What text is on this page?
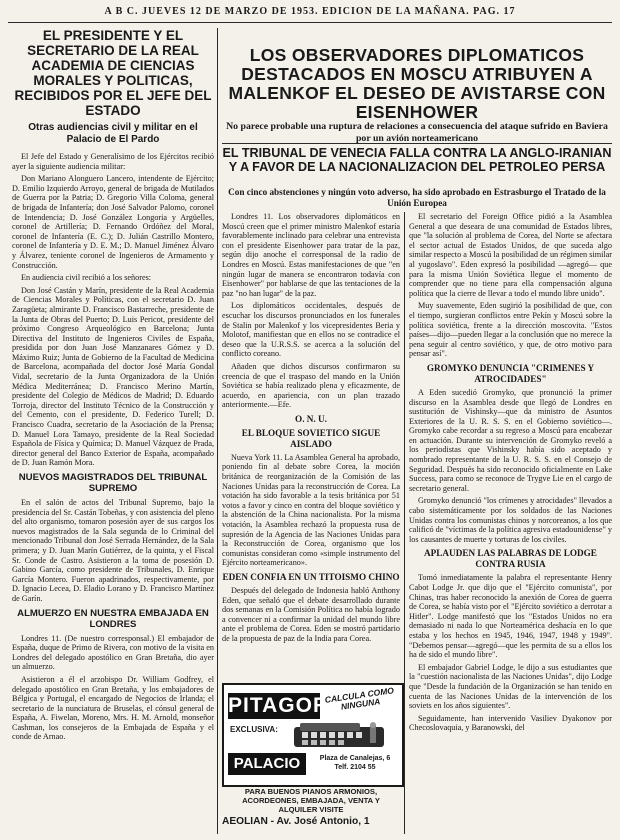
A B C. JUEVES 12 DE MARZO DE 1953. EDICION DE LA MAÑANA. PAG. 17
EL PRESIDENTE Y EL SECRETARIO DE LA REAL ACADEMIA DE CIENCIAS MORALES Y POLITICAS, RECIBIDOS POR EL JEFE DEL ESTADO
Otras audiencias civil y militar en el Palacio de El Pardo

El Jefe del Estado y Generalísimo de los Ejércitos recibió ayer la siguiente audiencia militar:

Don Mariano Alonguero Lancero, intendente de Ejército; D. Emilio Izquierdo Arroyo, general de brigada de Mutilados de Guerra por la Patria; D. Gregorio Villa Coloma, general de brigada de Infantería; don José Salvador Palomo, coronel de Intendencia; D. José González Longoria y Argüelles, coronel de Artillería; D. Fernando Ordóñez del Moral, coronel de Infantería (E. C.); D. Julián Castrillo Montero, coronel de Infantería y D. E. M.; D. Manuel Jiménez Álvaro y Álvarez, teniente coronel de Ingenieros de Armamento y Construcción.

En audiencia civil recibió a los señores:

Don José Castán y Marín, presidente de la Real Academia de Ciencias Morales y Políticas, con el secretario D. Juan Zaragüeta; almirante D. Francisco Bastarreche, presidente de la Junta de Obras del Puerto; D. Luis Pericot, presidente del próximo Congreso Arqueológico en Barcelona; Junta Directiva del Instituto de Ingenieros Civiles de España, presidida por don Juan José Manzanares Gómez y D. Máximo Ruiz; Junta de Gobierno de la Facultad de Medicina de Barcelona, acompañada del doctor José María Gondal Vidal, secretario de la Junta Organizadora de la Unión Médica Mediterránea; D. Francisco Merino Martín, presidente del Colegio de Médicos de Madrid; D. Eduardo Torroja, director del Instituto Técnico de la Construcción y del Cemento, con el presidente, D. Federico Turell; D. Francisco Cuadra, secretario de la Asociación de la Prensa; D. Manuel Lora Tamayo, presidente de la Real Sociedad Española de Física y Química; D. Manuel Vázquez de Prada, director general del Banco Exterior de España, acompañado de D. Juan Ramón Mora.

NUEVOS MAGISTRADOS DEL TRIBUNAL SUPREMO

En el salón de actos del Tribunal Supremo, bajo la presidencia del Sr. Castán Tobeñas, y con asistencia del pleno del alto organismo, tomaron posesión ayer de sus cargos los nuevos magistrados de la Sala segunda de lo Criminal del mencionado Tribunal don José Serrada Hernández, de la Sala primera; y D. Juan Marín Gutiérrez, de la quinta, y el Fiscal Sr. Conde de Castro. Asistieron a la toma de posesión D. Gabino García, como presidente de Tribunales, D. Enrique García Montero. Fueron apadrinados, respectivamente, por D. Ignacio Lecea, D. Eladio Lorano y D. Francisco Martínez de Garín.

ALMUERZO EN NUESTRA EMBAJADA EN LONDRES

Londres 11. (De nuestro corresponsal.) El embajador de España, duque de Primo de Rivera, con motivo de la visita en Londres del delegado apostólico en Gran Bretaña, dio ayer un almuerzo.

Asistieron a él el arzobispo Dr. William Godfrey, el delegado apostólico en Gran Bretaña, y los embajadores de Bélgica y Portugal, el encargado de Negocios de Irlanda; el secretario de la nunciatura de Bruselas, el cónsul general de España, A. Fiwelan, Moreno, Mrs. H. M. Arnold, monseñor Cashman, los consejeros de la Embajada de España y el conde de Arnao.

LOS OBSERVADORES DIPLOMATICOS DESTACADOS EN MOSCU ATRIBUYEN A MALENKOF EL DESEO DE AVISTARSE CON EISENHOWER
No parece probable una ruptura de relaciones a consecuencia del ataque sufrido en Baviera por un avión norteamericano
EL TRIBUNAL DE VENECIA FALLA CONTRA LA ANGLO-IRANIAN Y A FAVOR DE LA NACIONALIZACION DEL PETROLEO PERSA
Con cinco abstenciones y ningún voto adverso, ha sido aprobado en Estrasburgo el Tratado de la Unión Europea

Londres 11. Los observadores diplomáticos en Moscú creen que el primer ministro Malenkof estaría favorablemente inclinado para celebrar una entrevista con el presidente Eisenhower para tratar de la paz, según dijo anoche el corresponsal de la radio de Londres en Moscú. Estas manifestaciones de que "en ningún lugar de manera se encontraron todavía con Eisenhower" por hablarse de que las tentaciones de la paz "no han lugar" de la paz.

Los diplomáticos occidentales, después de escuchar los discursos pronunciados en los funerales de Stalin por Malenkof y los vicepresidentes Beria y Molotof, manifiestan que en ellos no se contradice el deseo que la U.R.S.S. se acerca a la solución del conflicto coreano.

Añaden que dichos discursos confirmaron su creencia de que el traspaso del mando en la Unión Soviética se había realizado plena y eficazmente, de acuerdo, en apariencia, con un plan trazado anteriormente.—Efe.

O. N. U.
EL BLOQUE SOVIETICO SIGUE AISLADO

Nueva York 11. La Asamblea General ha aprobado, poniendo fin al debate sobre Corea, la moción británica de reorganización de la Comisión de las Naciones Unidas para la reconstrucción de Corea. La votación ha sido favorable a la tesis británica por 51 votos a favor y cinco en contra del bloque soviético y la abstención de la China nacionalista. Por la misma votación, la Asamblea rechazó la propuesta rusa de supresión de la Agencia de las Naciones Unidas para la Reconstrucción de Corea, organismo que los comunistas consideran como «simple instrumento del Ejército norteamericano».

EDEN CONFIA EN UN TITOISMO CHINO

Después del delegado de Indonesia habló Anthony Eden, que señaló que el debate desarrollado durante dos semanas en la Comisión Política no había logrado a convencer ni a confirmar la unidad del mundo libre ante el problema de Corea. Eden se mostró partidario de la propuesta de paz de la India para Corea.

El secretario del Foreign Office pidió a la Asamblea General a que deseara de una comunidad de Estados libres, que "la solución al problema de Corea, del Norte se afectara el sector actual de Estados Unidos, de que suceda algo similar respecto a Moscú la posibilidad de un régimen similar al yugoslavo". Eden expresó la posibilidad —agregó— que para la misma Unión Soviética llegue el momento de comprender que no tiene para ella compensación alguna política que la cierre de llevar a todo el mundo libre unido".

Muy suavemente, Eden sugirió la posibilidad de que, con el tiempo, surgieran conflictos entre Pekín y Moscú sobre la política soviética, frente a la dirección moscovita. "Estos países—dijo—pueden llegar a la conclusión que no merece la pena seguir al centro soviético, y que, de otro motivo para pensar así".

GROMYKO DENUNCIA "CRIMENES Y ATROCIDADES"

A Eden sucedió Gromyko, que pronunció la primer discurso en la Asamblea desde que llegó de Londres en sustitución de Vishinsky—que da ministro de Asuntos Exteriores de la U. R. S. S. en el Gobierno soviético—. Gromyko cabe recordar a su regreso a Moscú para encabezar en actuación. Durante su intervención de Gromyko reveló a los periodistas que Vishinsky había sido aceptado y nombrado representante de la U. R. S. S. en el Consejo de Seguridad. Después ha sido reconocido oficialmente en Lake Success, para como se reconoce de Trygve Lie en el cargo de secretario general.

Gromyko denunció "los crímenes y atrocidades" llevados a cabo sistemáticamente por los soldados de las Naciones Unidas contra los comunistas chinos y norcoreanos, a los que calificó de "víctimas de la política agresiva estadounidense" y los causantes de muerte y torturas de los civiles.

APLAUDEN LAS PALABRAS DE LODGE CONTRA RUSIA

Tomó inmediatamente la palabra el representante Henry Cabot Lodge Jr. que dijo que el "Ejército comunista", por Chinas, tras haber reconocido la anexión de Corea de guerra de Corea, se había visto por el "Ejército soviético a derrotar a Hitler". Lodge manifestó que los "Estados Unidos no era demasiado ni nada lo que Norteamérica deshacía en lo que estaba y los hechos en 1945, 1946, 1947, 1948 y 1949". "Debemos pensar—agregó—que les permita de su a ellos los ha de sido el mundo libre".

El embajador Gabriel Lodge, le dijo a sus estudiantes que la "cuestión nacionalista de las Naciones Unidas", dijo Lodge que "Desde la fundación de la Organización se han tenido en cuenta de las Naciones Unidas de la intervención de los soviets en los años siguientes".

Seguidamente, han intervenido Vasiliev Dyakonov por Checoslovaquia, y Baranowski, del

PITAGOR
CALCULA COMO NINGUNA
EXCLUSIVA:
PALACIO	Plaza de Canalejas, 6 Telf. 2104 55
PARA BUENOS PIANOS ARMONIOS, ACORDEONES, EMBAJADA, VENTA Y ALQUILER VISITE
AEOLIAN - Av. José Antonio, 1
